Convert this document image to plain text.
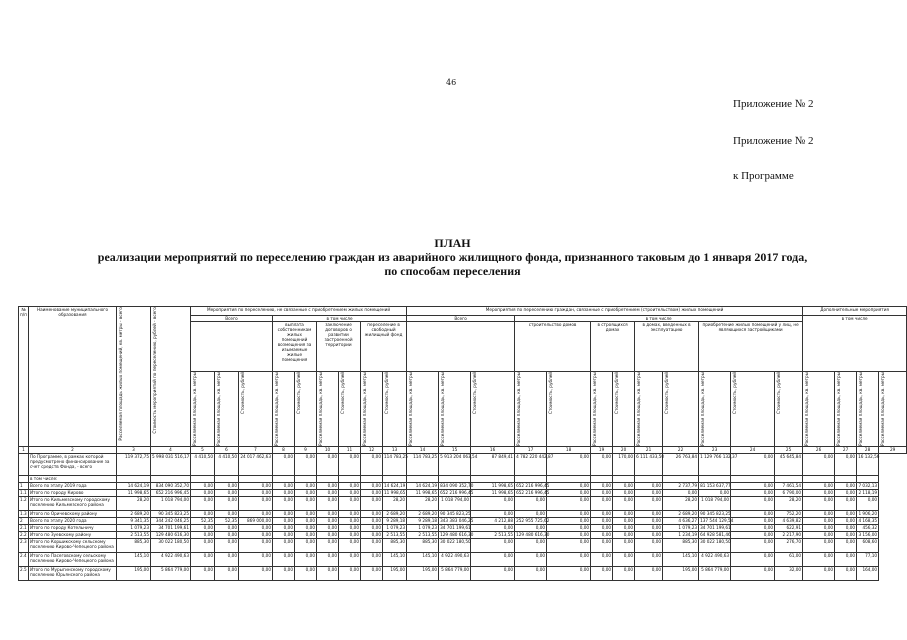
46
Приложение № 2
Приложение № 2
к Программе
ПЛАН
реализации мероприятий по переселению граждан из аварийного жилищного фонда, признанного таковым до 1 января 2017 года,
по способам переселения
№ п/п	Наименование муниципального образования	Расселяемая площадь жилых помещений, кв. метры - всего	Стоимость мероприятий по переселению, рублей - всего	Мероприятия по переселению, не связанные с приобретением жилых помещений									Мероприятия по переселению граждан, связанные с приобретением (строительством) жилых помещений												Дополнительные мероприятия			
				Всего			в том числе						Всего			в том числе									в том числе			
							выплата собственникам жилых помещений возмещения за изымаемые жилые помещения		заключение договоров о развитии застроенной территории		переселение в свободный жилищный фонд					строительство домов		в строящихся домах		в домах, введенных в эксплуатацию		приобретение жилых помещений у лиц, не являющихся застройщиками						

				Расселяемая площадь, кв. метры	Расселяемая площадь, кв. метры	Стоимость, рублей	Расселяемая площадь, кв. метры	Стоимость, рублей	Расселяемая площадь, кв. метры	Стоимость, рублей	Расселяемая площадь, кв. метры	Стоимость, рублей	Расселяемая площадь, кв. метры	Расселяемая площадь, кв. метры	Стоимость, рублей	Расселяемая площадь, кв. метры	Стоимость, рублей	Расселяемая площадь, кв. метры	Стоимость, рублей	Расселяемая площадь, кв. метры	Стоимость, рублей	Расселяемая площадь, кв. метры	Стоимость, рублей	Стоимость, рублей	Расселяемая площадь, кв. метры	Расселяемая площадь, кв. метры	Расселяемая площадь, кв. метры	Расселяемая площадь, кв. метры

1	2	3	4	5	6	7	8	9	10	11	12	13	14	15	16	17	18	19	20	21	22	23	24	25	26	27	28	29
	По Программе, в рамках которой предусмотрено финансирование за счет средств Фонда, - всего	119 372,75	5 998 031 516,17	4 410,50	4 410,50	24 017 462,63	0,00	0,00	0,00	0,00	0,00	114 783,25	114 783,25	5 913 204 063,54	87 849,41	4 782 220 442,87	0,00	0,00	170,00	6 111 433,50	26 763,84	1 129 766 132,37	0,00	45 645,84	0,00	0,00	16 132,56	
	в том числе:																											
1	Всего по этапу 2019 года	14 624,19	834 090 352,70	0,00	0,00	0,00	0,00	0,00	0,00	0,00	0,00	14 624,19	14 624,19	834 090 352,70	11 998,65	652 216 996,45	0,00	0,00	0,00	0,00	2 737,79	81 153 637,77	0,00	7 461,54	0,00	0,00	7 032,13	
1.1	Итого по городу Кирово	11 998,65	652 216 996,45	0,00	0,00	0,00	0,00	0,00	0,00	0,00	0,00	11 998,65	11 998,65	652 216 996,45	11 998,65	652 216 996,45	0,00	0,00	0,00	0,00	0,00	0,00	0,00	6 790,00	0,00	0,00	2 118,19	
1.2	Итого по Кильмезскому городскому поселению Кильмезского района	28,20	1 018 794,00	0,00	0,00	0,00	0,00	0,00	0,00	0,00	0,00	28,20	28,20	1 018 794,00	0,00	0,00	0,00	0,00	0,00	0,00	28,20	1 018 794,00	0,00	28,20	0,00	0,00	0,00	
1.3	Итого по Оричевскому району	2 689,20	90 345 823,25	0,00	0,00	0,00	0,00	0,00	0,00	0,00	0,00	2 689,20	2 689,20	90 345 823,25	0,00	0,00	0,00	0,00	0,00	0,00	2 689,20	90 345 823,25	0,00	752,20	0,00	0,00	1 906,20	
2	Всего по этапу 2020 года	9 341,35	344 242 046,25	52,35	52,35	869 000,00	0,00	0,00	0,00	0,00	0,00	9 289,18	9 289,18	343 383 046,25	4 212,88	252 955 725,62	0,00	0,00	0,00	0,00	4 636,27	137 544 129,54	0,00	4 639,82	0,00	0,00	4 168,35	
2.1	Итого по городу Котельничу	1 079,23	34 701 199,61	0,00	0,00	0,00	0,00	0,00	0,00	0,00	0,00	1 079,23	1 079,23	34 701 199,61	0,00	0,00	0,00	0,00	0,00	0,00	1 079,23	34 701 199,61	0,00	622,91	0,00	0,00	456,32	
2.2	Итого по Зуевскому району	2 513,55	129 480 616,30	0,00	0,00	0,00	0,00	0,00	0,00	0,00	0,00	2 513,55	2 513,55	129 480 616,30	2 513,55	129 480 616,30	0,00	0,00	0,00	0,00	1 234,19	64 928 581,46	0,00	2 217,90	0,00	0,00	3 156,00	
2.3	Итого по Коршикскому сельскому поселению Кирово-Чепецкого района	885,30	30 022 180,50	0,00	0,00	0,00	0,00	0,00	0,00	0,00	0,00	885,30	885,30	30 022 180,50	0,00	0,00	0,00	0,00	0,00	0,00	885,30	30 022 180,50	0,00	276,70	0,00	0,00	608,60	
2.4	Итого по Пасеговскому сельскому поселению Кирово-Чепецкого района	145,10	4 922 490,63	0,00	0,00	0,00	0,00	0,00	0,00	0,00	0,00	145,10	145,10	4 922 490,63	0,00	0,00	0,00	0,00	0,00	0,00	145,10	4 922 490,63	0,00	61,00	0,00	0,00	77,10	
2.5	Итого по Мурыгинскому городскому поселению Юрьянского района	195,00	5 864 779,00	0,00	0,00	0,00	0,00	0,00	0,00	0,00	0,00	195,00	195,00	5 864 779,00	0,00	0,00	0,00	0,00	0,00	0,00	195,00	5 864 779,00	0,00	32,00	0,00	0,00	164,00	
